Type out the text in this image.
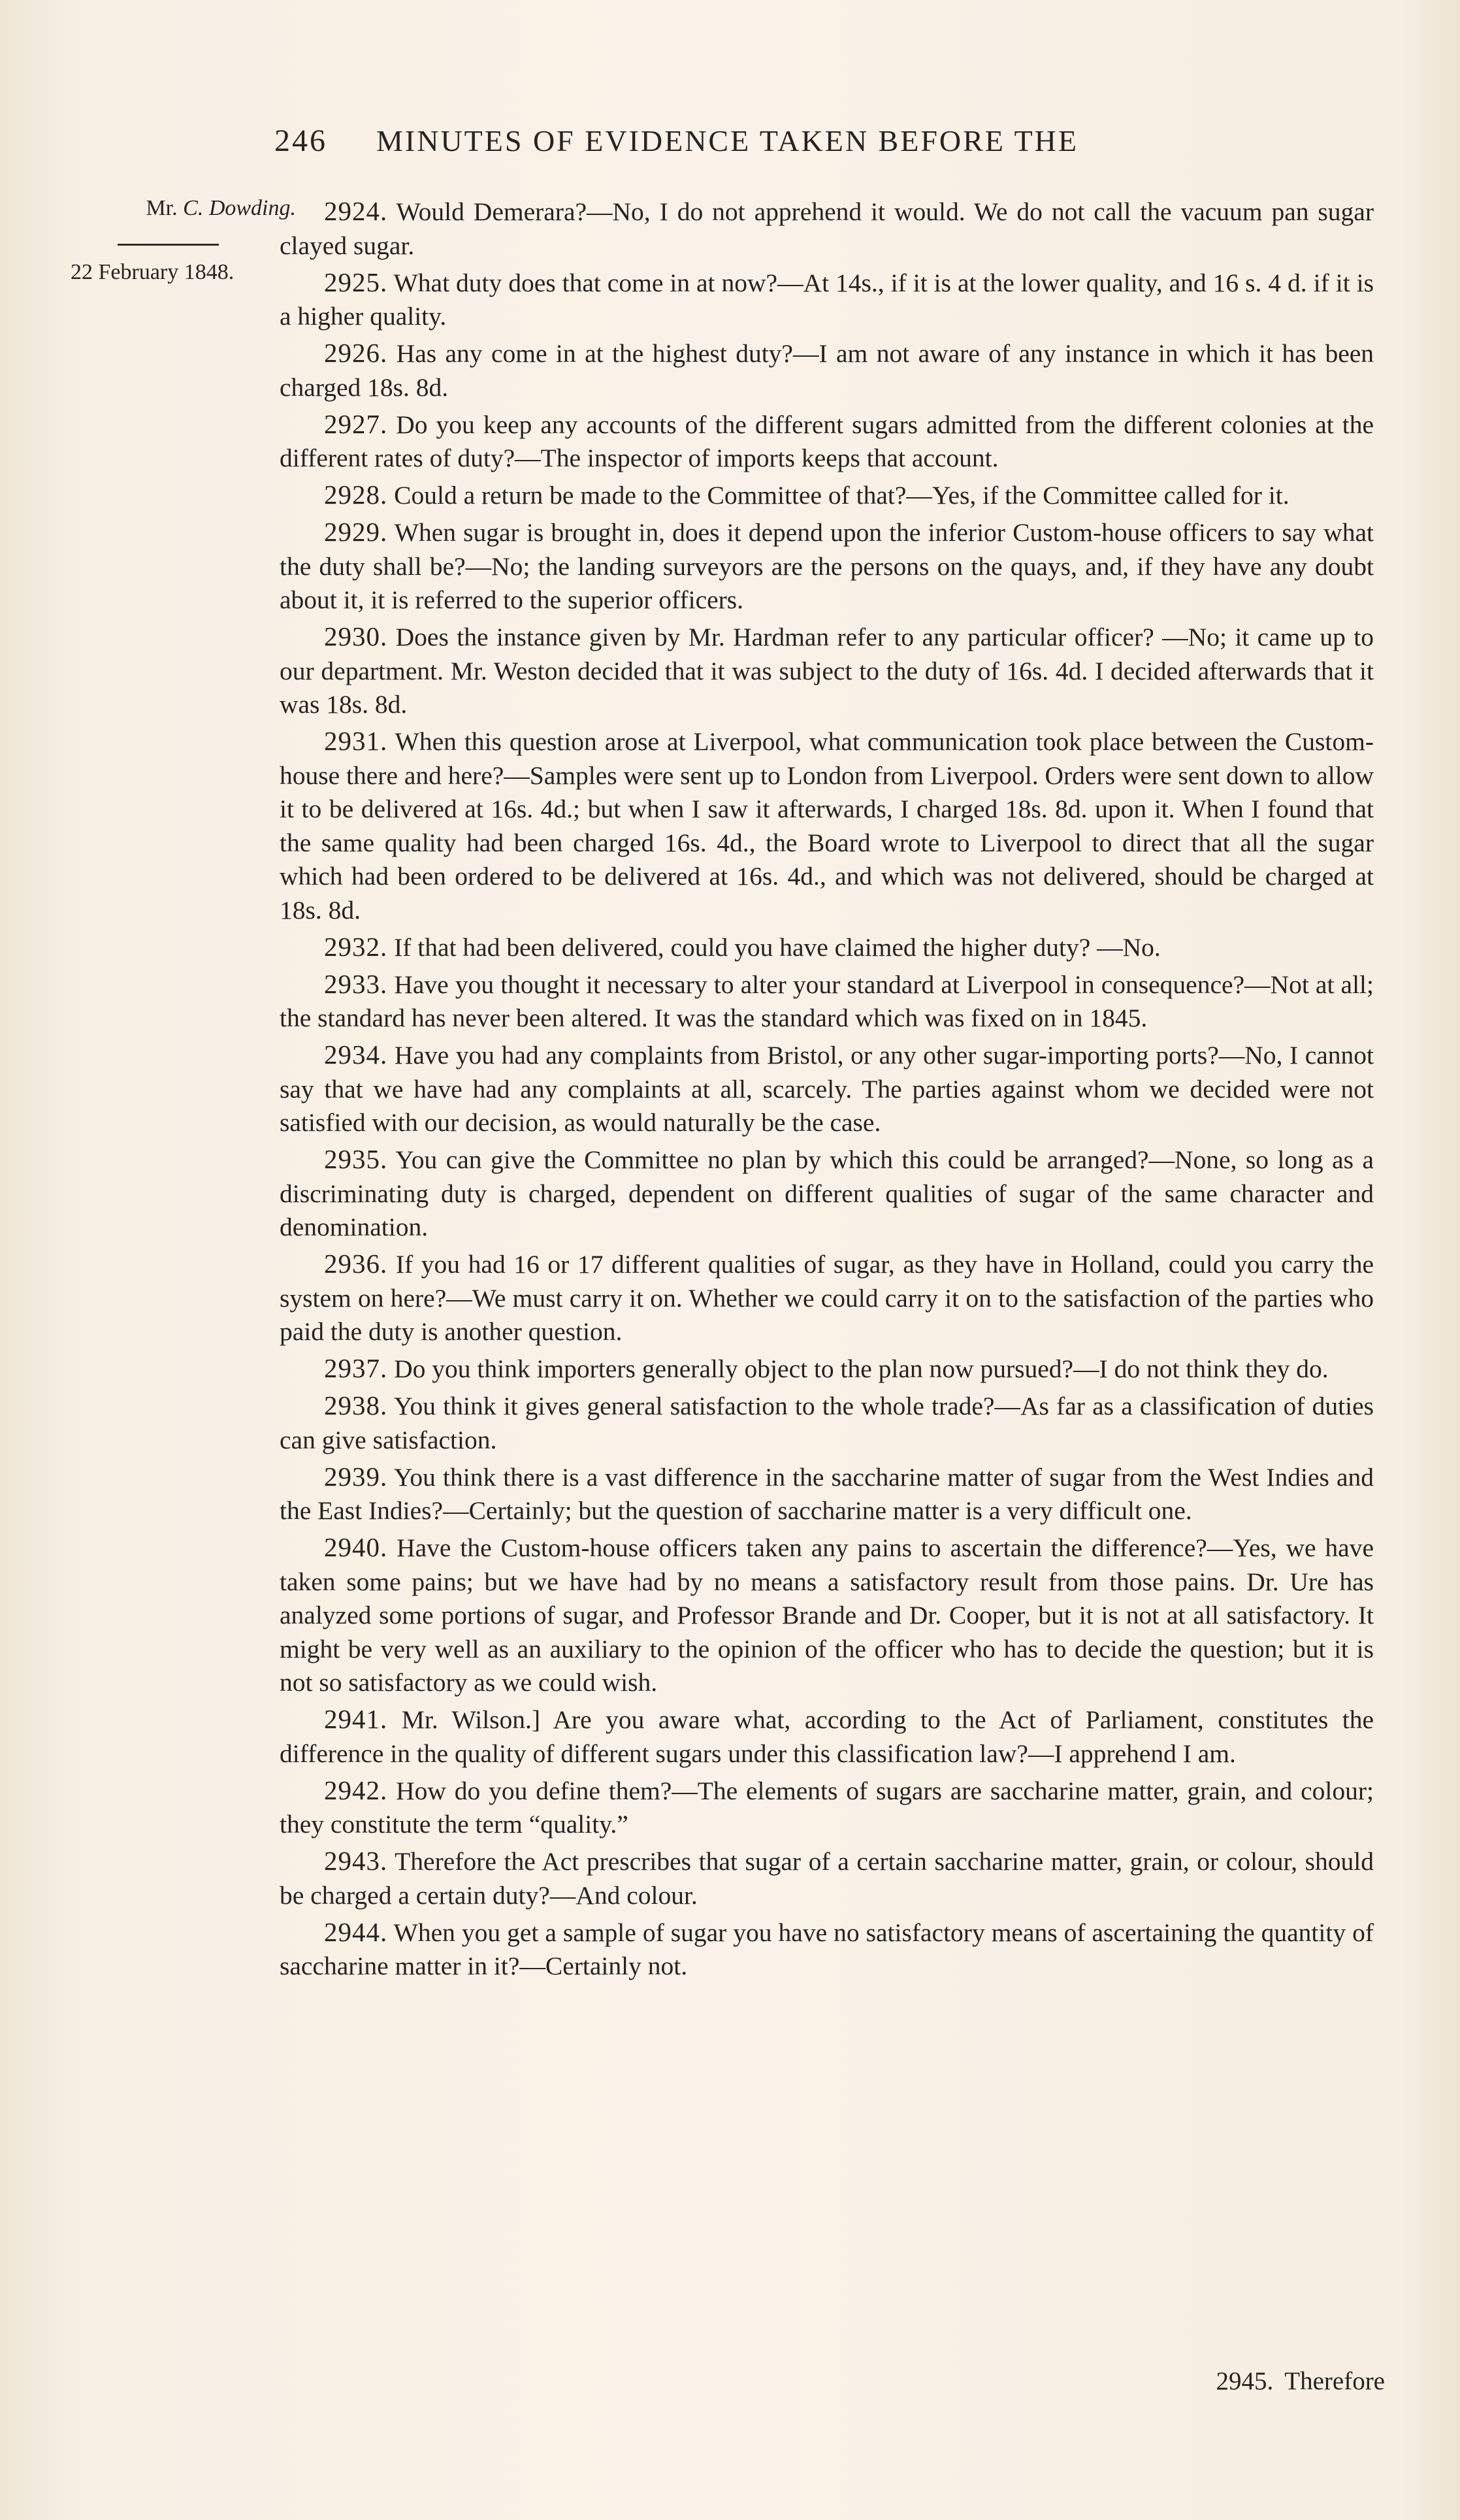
246 MINUTES OF EVIDENCE TAKEN BEFORE THE
Mr. C. Dowding.
22 February 1848.

2924. Would Demerara?—No, I do not apprehend it would. We do not call the vacuum pan sugar clayed sugar.

2925. What duty does that come in at now?—At 14s., if it is at the lower quality, and 16 s. 4 d. if it is a higher quality.

2926. Has any come in at the highest duty?—I am not aware of any instance in which it has been charged 18s. 8d.

2927. Do you keep any accounts of the different sugars admitted from the different colonies at the different rates of duty?—The inspector of imports keeps that account.

2928. Could a return be made to the Committee of that?—Yes, if the Committee called for it.

2929. When sugar is brought in, does it depend upon the inferior Custom-house officers to say what the duty shall be?—No; the landing surveyors are the persons on the quays, and, if they have any doubt about it, it is referred to the superior officers.

2930. Does the instance given by Mr. Hardman refer to any particular officer? —No; it came up to our department. Mr. Weston decided that it was subject to the duty of 16s. 4d. I decided afterwards that it was 18s. 8d.

2931. When this question arose at Liverpool, what communication took place between the Custom-house there and here?—Samples were sent up to London from Liverpool. Orders were sent down to allow it to be delivered at 16s. 4d.; but when I saw it afterwards, I charged 18s. 8d. upon it. When I found that the same quality had been charged 16s. 4d., the Board wrote to Liverpool to direct that all the sugar which had been ordered to be delivered at 16s. 4d., and which was not delivered, should be charged at 18s. 8d.

2932. If that had been delivered, could you have claimed the higher duty? —No.

2933. Have you thought it necessary to alter your standard at Liverpool in consequence?—Not at all; the standard has never been altered. It was the standard which was fixed on in 1845.

2934. Have you had any complaints from Bristol, or any other sugar-importing ports?—No, I cannot say that we have had any complaints at all, scarcely. The parties against whom we decided were not satisfied with our decision, as would naturally be the case.

2935. You can give the Committee no plan by which this could be arranged?—None, so long as a discriminating duty is charged, dependent on different qualities of sugar of the same character and denomination.

2936. If you had 16 or 17 different qualities of sugar, as they have in Holland, could you carry the system on here?—We must carry it on. Whether we could carry it on to the satisfaction of the parties who paid the duty is another question.

2937. Do you think importers generally object to the plan now pursued?—I do not think they do.

2938. You think it gives general satisfaction to the whole trade?—As far as a classification of duties can give satisfaction.

2939. You think there is a vast difference in the saccharine matter of sugar from the West Indies and the East Indies?—Certainly; but the question of saccharine matter is a very difficult one.

2940. Have the Custom-house officers taken any pains to ascertain the difference?—Yes, we have taken some pains; but we have had by no means a satisfactory result from those pains. Dr. Ure has analyzed some portions of sugar, and Professor Brande and Dr. Cooper, but it is not at all satisfactory. It might be very well as an auxiliary to the opinion of the officer who has to decide the question; but it is not so satisfactory as we could wish.

2941. Mr. Wilson.] Are you aware what, according to the Act of Parliament, constitutes the difference in the quality of different sugars under this classification law?—I apprehend I am.

2942. How do you define them?—The elements of sugars are saccharine matter, grain, and colour; they constitute the term “quality.”

2943. Therefore the Act prescribes that sugar of a certain saccharine matter, grain, or colour, should be charged a certain duty?—And colour.

2944. When you get a sample of sugar you have no satisfactory means of ascertaining the quantity of saccharine matter in it?—Certainly not.

2945. Therefore
